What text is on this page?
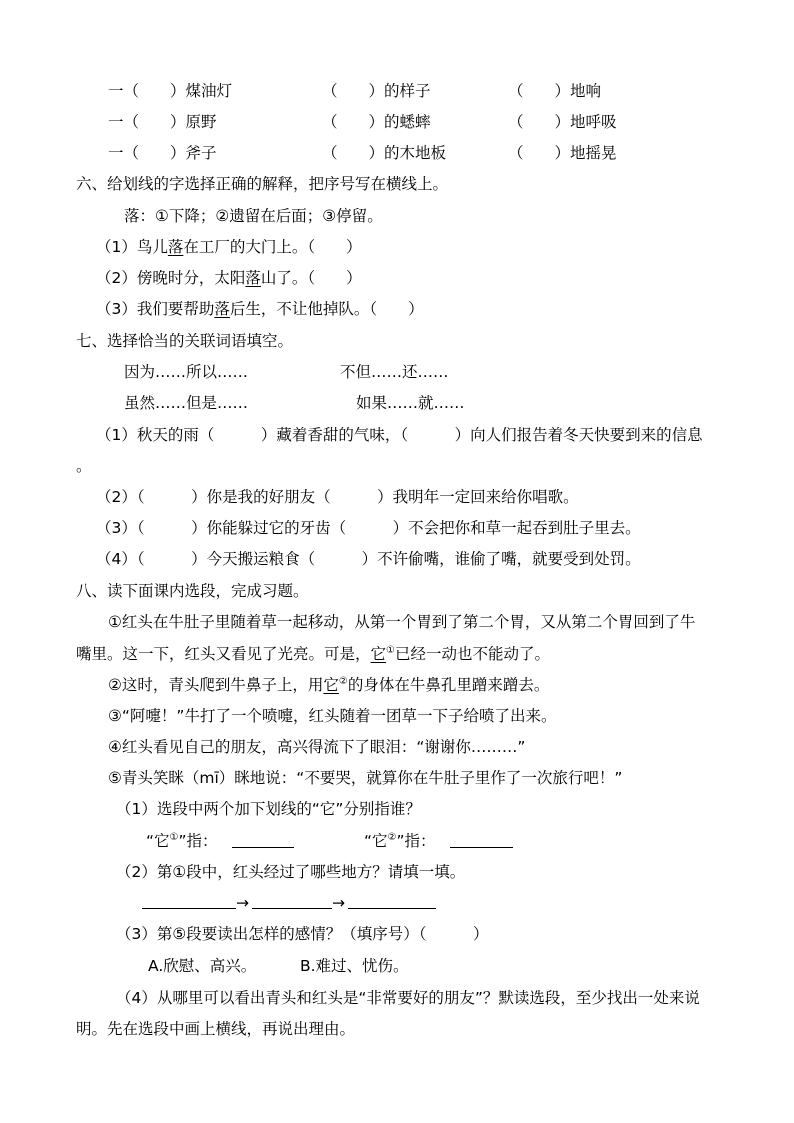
一（　　）煤油灯	（　　）的样子	（　　）地响
一（　　）原野	（　　）的蟋蟀	（　　）地呼吸
一（　　）斧子	（　　）的木地板	（　　）地摇晃
六、给划线的字选择正确的解释，把序号写在横线上。
落：①下降；②遗留在后面；③停留。
（1）鸟儿落在工厂的大门上。（　　）
（2）傍晚时分，太阳落山了。（　　）
（3）我们要帮助落后生，不让他掉队。（　　）
七、选择恰当的关联词语填空。
因为……所以……	不但……还……
虽然……但是……	如果……就……
（1）秋天的雨（　　　）藏着香甜的气味，（　　　）向人们报告着冬天快要到来的信息
。
（2）（　　　）你是我的好朋友（　　　）我明年一定回来给你唱歌。
（3）（　　　）你能躲过它的牙齿（　　　）不会把你和草一起吞到肚子里去。
（4）（　　　）今天搬运粮食（　　　）不许偷嘴，谁偷了嘴，就要受到处罚。
八、读下面课内选段，完成习题。
①红头在牛肚子里随着草一起移动，从第一个胃到了第二个胃，又从第二个胃回到了牛
嘴里。这一下，红头又看见了光亮。可是，它①已经一动也不能动了。
②这时，青头爬到牛鼻子上，用它②的身体在牛鼻孔里蹭来蹭去。
③“阿嚏！”牛打了一个喷嚏，红头随着一团草一下子给喷了出来。
④红头看见自己的朋友，高兴得流下了眼泪：“谢谢你………”
⑤青头笑眯（mī）眯地说：“不要哭，就算你在牛肚子里作了一次旅行吧！”
（1）选段中两个加下划线的“它”分别指谁？
“它①”指：	“它②”指：
（2）第①段中，红头经过了哪些地方？请填一填。
→	→
（3）第⑤段要读出怎样的感情？（填序号）（　　　）
A.欣慰、高兴。	B.难过、忧伤。
（4）从哪里可以看出青头和红头是“非常要好的朋友”？默读选段，至少找出一处来说
明。先在选段中画上横线，再说出理由。
